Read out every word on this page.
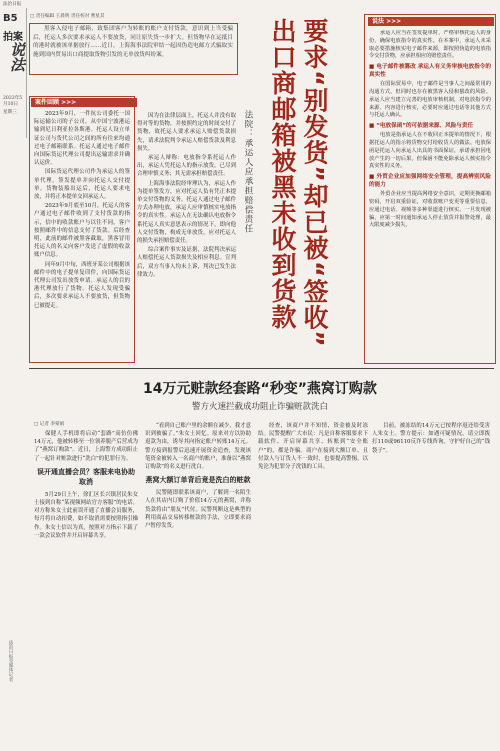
法治日报
B5
拍案
说法
2023年5月10日
星期三
□ 责任编辑 王晨明 责任校对 曹星其

黑客入侵电子邮箱，致集团客户为转账的账户支付货款，意识到上当受骗后，托运人多次要求承运人不要放货，同让原失货一步扩大。但货物早在运抵目的港时就被该单据放行……近日，上海海事法院审结一起因伪造电邮方式骗取实施到国内贸易出口商提取货物引发的无单放货纠纷案。

案件回顾 >>>

2023年9月，一件抗公司委托一国际运输公司的子公司，从中国宁波港运输到尼日利亚拉各斯港。托运人设立单证公司与货代公司之间的所有往来均通过电子邮箱联系。托运人通过电子邮件向国际货运代理公司提出运输需求并确认运价。

国际货运代理公司作为承运人的签单代理，签发提单并向托运人交付提单。货物装船出运后，托运人要求电放，并将正本提单交回承运人。

2023年9月底至10月，托运人的客户通过电子邮件收到了支付货款的指示，信中的收款账户与以往不同。客户按照邮件中的信息支付了货款。后经查明，此前的邮件被黑客截取，黑客冒用托运人的名义向客户发送了虚假的收款账户信息。

同年9月中旬，西班牙某公司根据该邮件中的电子提单复印件，向国际货运代理公司发出放货申请。承运人的目的港代理放行了货物。托运人发现受骗后，多次要求承运人不要放货，但货物已被提走。

因为在法律层面上，托运人并没有取得对等的货物，并按照约定的时间交付了货物，故托运人要求承运人赔偿货款损失，请求法院判令承运人赔偿货款及利息损失。

承运人辩称：电放指令系托运人作出，承运人凭托运人的指示放货，已尽到合理审慎义务；其无需承担赔偿责任。

上海海事法院经审理认为，承运人作为提单签发方，应对托运人负有凭正本提单交付货物的义务。托运人通过电子邮件方式办理电放，承运人应审慎核实电放指令的真实性。承运人在无法确认电放指令系托运人真实意思表示的情况下，即向他人交付货物，构成无单放货，应对托运人的损失承担赔偿责任。

综合案件事实及证据，法院判决承运人赔偿托运人货款损失及相应利息。宣判后，双方当事人均未上诉，判决已发生法律效力。

要求“别发货”却已被“签收”
出口商邮箱被黑未收到货款
法院：承运人应承担赔偿责任
说法 >>>

承运人应当在签发提单时，严格审核托运人的身份，确保电放指令的真实性。在本案中，承运人未采取必要措施核实电子邮件来源，即按照伪造的电放指令交付货物，应承担相应的赔偿责任。

■ 电子邮件被篡改 承运人有义务审核电放指令的真实性

在国际贸易中，电子邮件是当事人之间最常用的沟通方式，但同时也存在被黑客入侵和篡改的风险。承运人应当建立完善的电放审核机制，对电放指令的来源、内容进行核实，必要时应通过电话等其他方式与托运人确认。

■ “电放保函”的可依据来源、风险与责任

电放是指承运人在不收回正本提单的情况下，根据托运人的指示将货物交付给收货人的做法。电放保函是托运人向承运人出具的书面保证，承诺承担因电放产生的一切后果。但保函不能免除承运人核实指令真实性的义务。

■ 外贸企业应加强网络安全管理，提高辨别风险的能力

外贸企业应当提高网络安全意识，定期更换邮箱密码，开启双重验证，对收款账户变更等重要信息，应通过电话、视频等多种渠道进行核实。一旦发现被骗，应第一时间通知承运人停止放货并报警处理，最大限度减少损失。

14万元赃款经套路“秒变”燕窝订购款
警方火速拦截成功阻止诈骗赃款洗白
□ 记者 李蒙娟

保健人手机即将启动“套路”高仿仿佛14万元，他被转移至一位领养脱产后营成为了“燕窝订购款”。近日，上海警方成功阻止了一起针对赃款进行“洗白”的犯罪行为。

误开通直播会员？客服来电协助取消

5月29日上午，徐汇区长兴镇居民朱女士接到自称“某视频网站官方客服”的电话。对方称朱女士此前误开通了直播会员服务，每月将自动扣费，如不取消需要按照指引操作。朱女士信以为真，按照对方指示下载了一款会议软件并开启屏幕共享。

“看到自己账户里的余额在减少，我才意识到被骗了。”朱女士回忆。原来对方以协助退款为由，诱导其向指定账户转账14万元。警方接到报警后迅速开展资金追查，发现该笔资金被转入一名商户的账户，准备以“燕窝订购款”的名义进行洗白。

燕窝大额订单背后竟是洗白的赃款

民警随即联系该商户，了解到一名陌生人在其店内订购了价值14万元的燕窝，并称货款将由“朋友”代付。民警判断这是典型的利用商品交易转移赃款的手法，立即要求商户暂停发货。

经查，该商户并不知情，资金被及时冻结。民警提醒广大市民：凡是自称客服要求下载软件、开启屏幕共享、转账到“安全账户”的，都是诈骗。商户在接到大额订单、且付款人与订货人不一致时，也要提高警惕，以免沦为犯罪分子洗钱的工具。

目前，被冻结的14万元已按程序返还给受害人朱女士。警方提示：如遇可疑情况，请立即拨打110或96110反诈专线咨询，守护好自己的“钱袋子”。

法治日报全媒体记者
